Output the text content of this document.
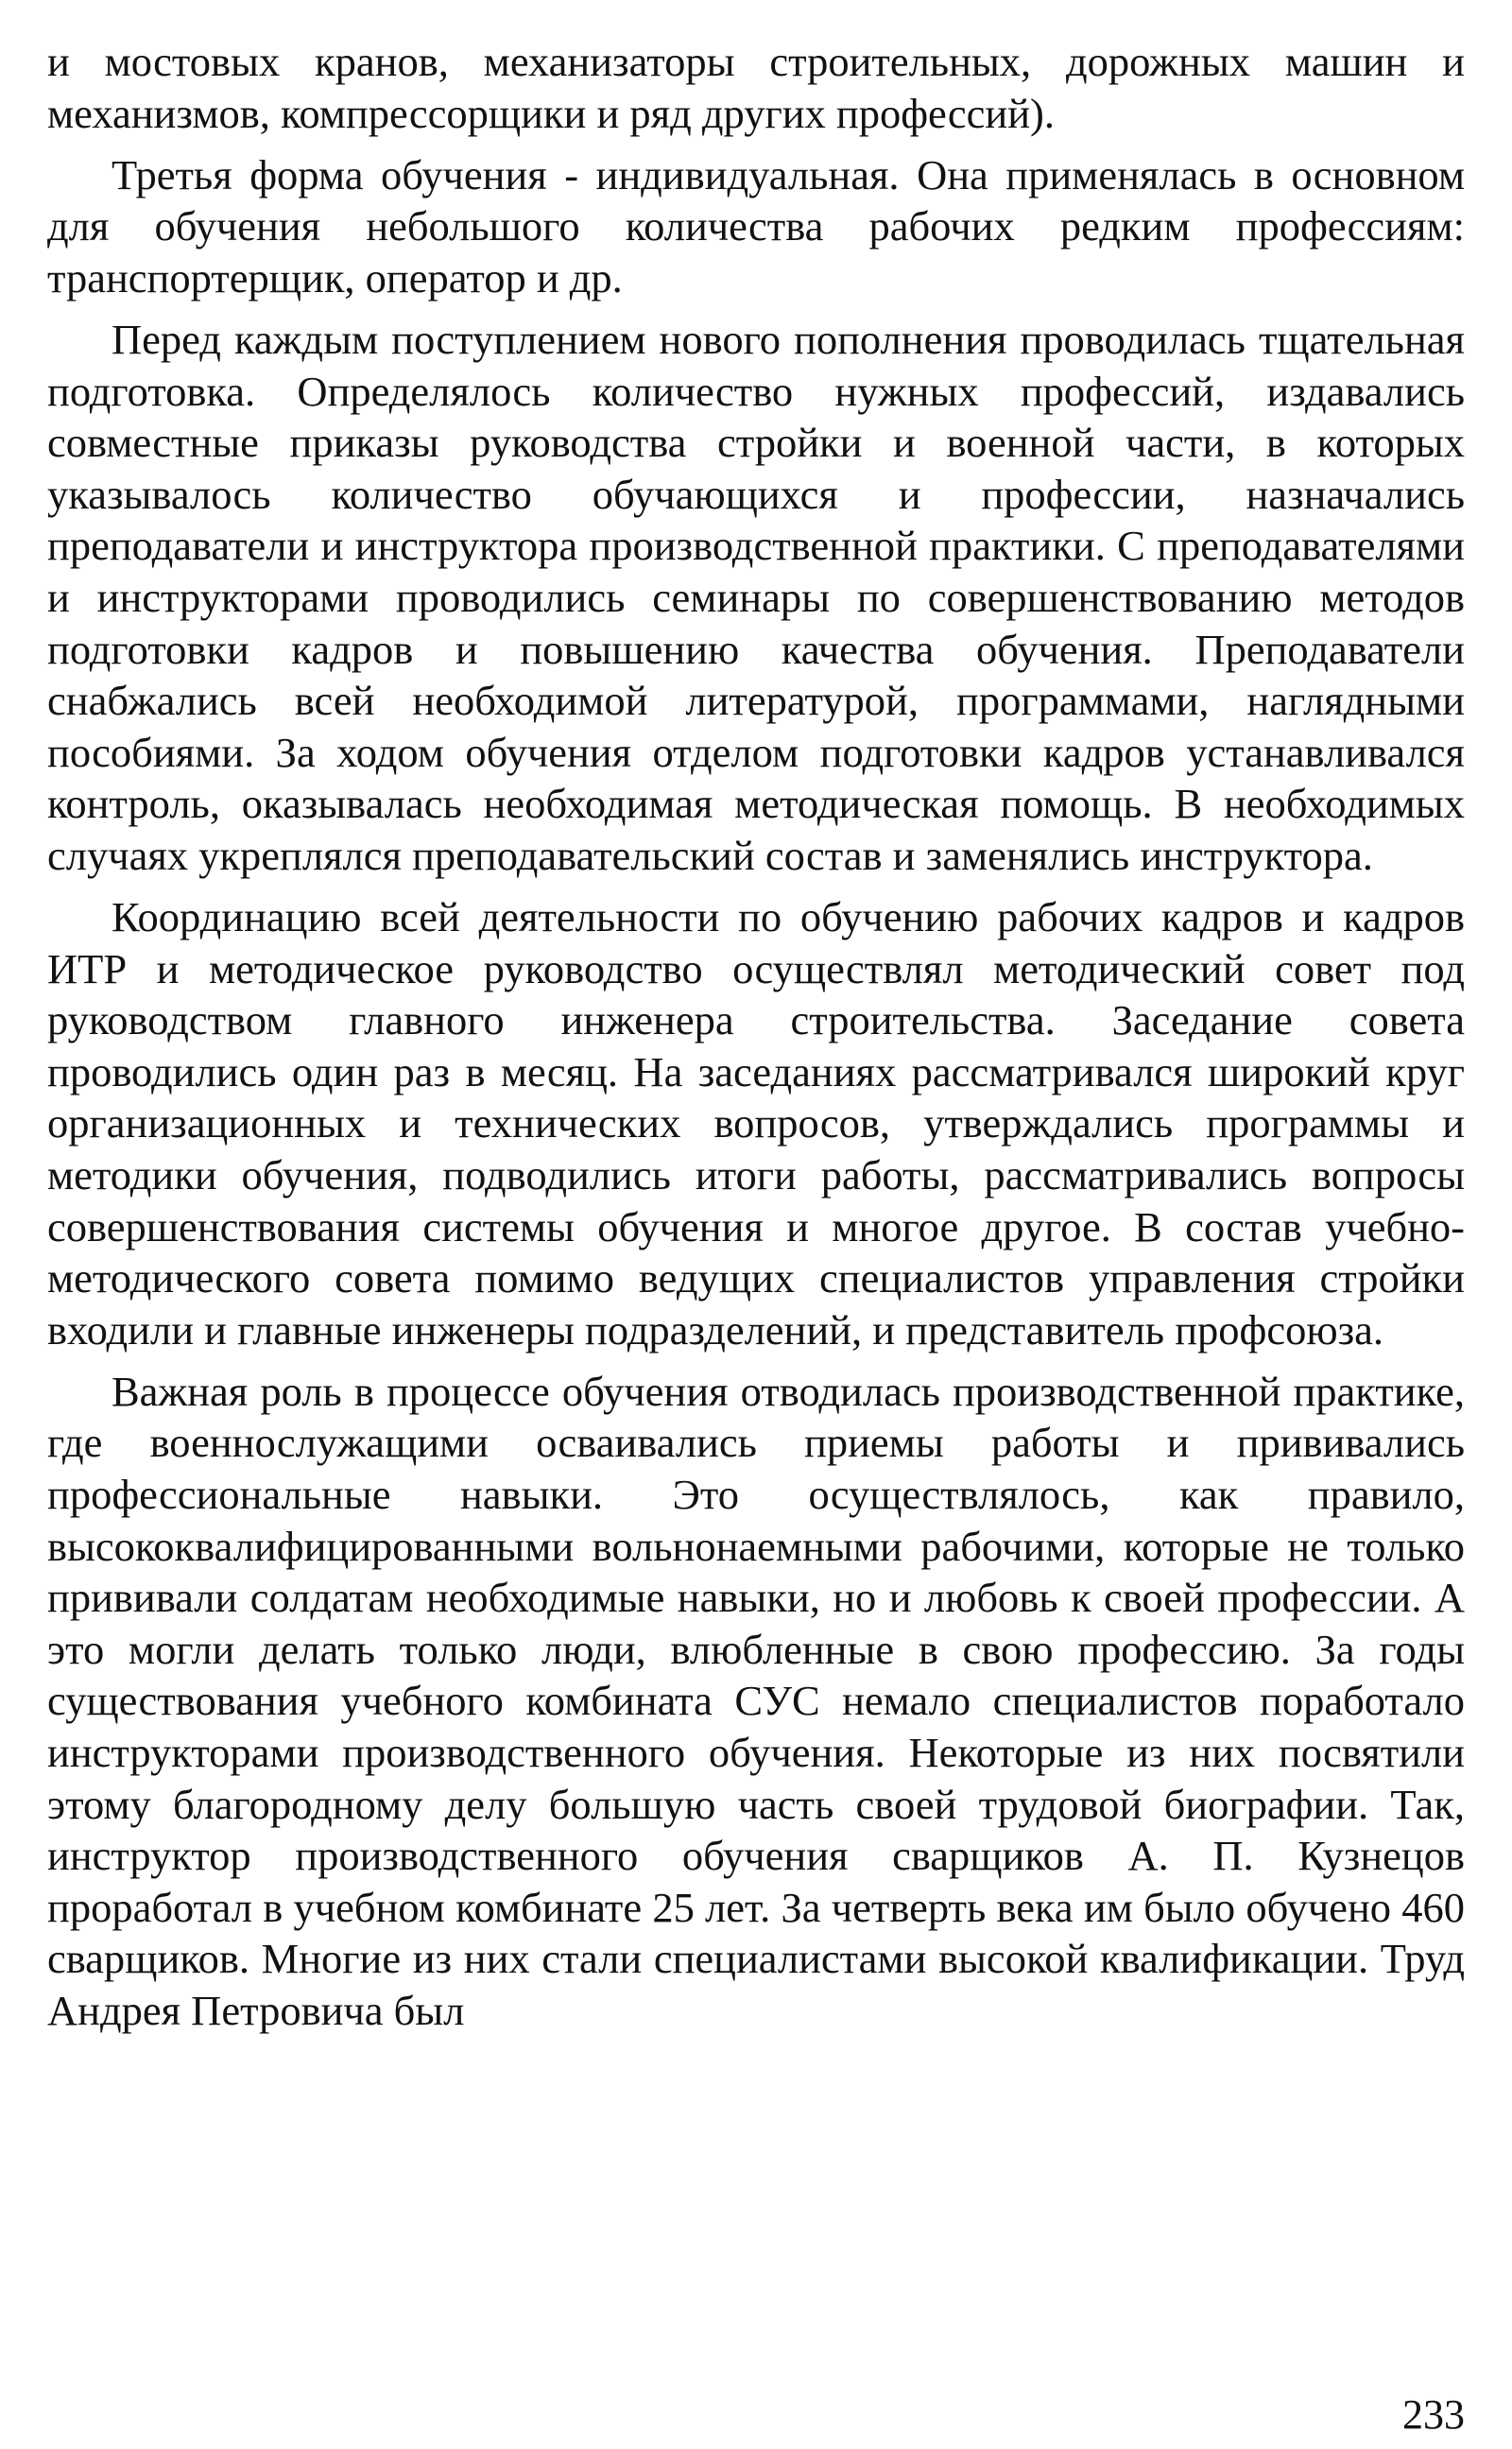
и мостовых кранов, механизаторы строительных, дорожных машин и механизмов, компрессорщики и ряд других профессий).

Третья форма обучения - индивидуальная. Она применялась в основном для обучения небольшого количества рабочих редким профессиям: транспортерщик, оператор и др.

Перед каждым поступлением нового пополнения проводилась тщательная подготовка. Определялось количество нужных профессий, издавались совместные приказы руководства стройки и военной части, в которых указывалось количество обучающихся и профессии, назначались преподаватели и инструктора производственной практики. С преподавателями и инструкторами проводились семинары по совершенствованию методов подготовки кадров и повышению качества обучения. Преподаватели снабжались всей необходимой литературой, программами, наглядными пособиями. За ходом обучения отделом подготовки кадров устанавливался контроль, оказывалась необходимая методическая помощь. В необходимых случаях укреплялся преподавательский состав и заменялись инструктора.

Координацию всей деятельности по обучению рабочих кадров и кадров ИТР и методическое руководство осуществлял методический совет под руководством главного инженера строительства. Заседание совета проводились один раз в месяц. На заседаниях рассматривался широкий круг организационных и технических вопросов, утверждались программы и методики обучения, подводились итоги работы, рассматривались вопросы совершенствования системы обучения и многое другое. В состав учебно-методического совета помимо ведущих специалистов управления стройки входили и главные инженеры подразделений, и представитель профсоюза.

Важная роль в процессе обучения отводилась производственной практике, где военнослужащими осваивались приемы работы и прививались профессиональные навыки. Это осуществлялось, как правило, высококвалифицированными вольнонаемными рабочими, которые не только прививали солдатам необходимые навыки, но и любовь к своей профессии. А это могли делать только люди, влюбленные в свою профессию. За годы существования учебного комбината СУС немало специалистов поработало инструкторами производственного обучения. Некоторые из них посвятили этому благородному делу большую часть своей трудовой биографии. Так, инструктор производственного обучения сварщиков А. П. Кузнецов проработал в учебном комбинате 25 лет. За четверть века им было обучено 460 сварщиков. Многие из них стали специалистами высокой квалификации. Труд Андрея Петровича был

233
